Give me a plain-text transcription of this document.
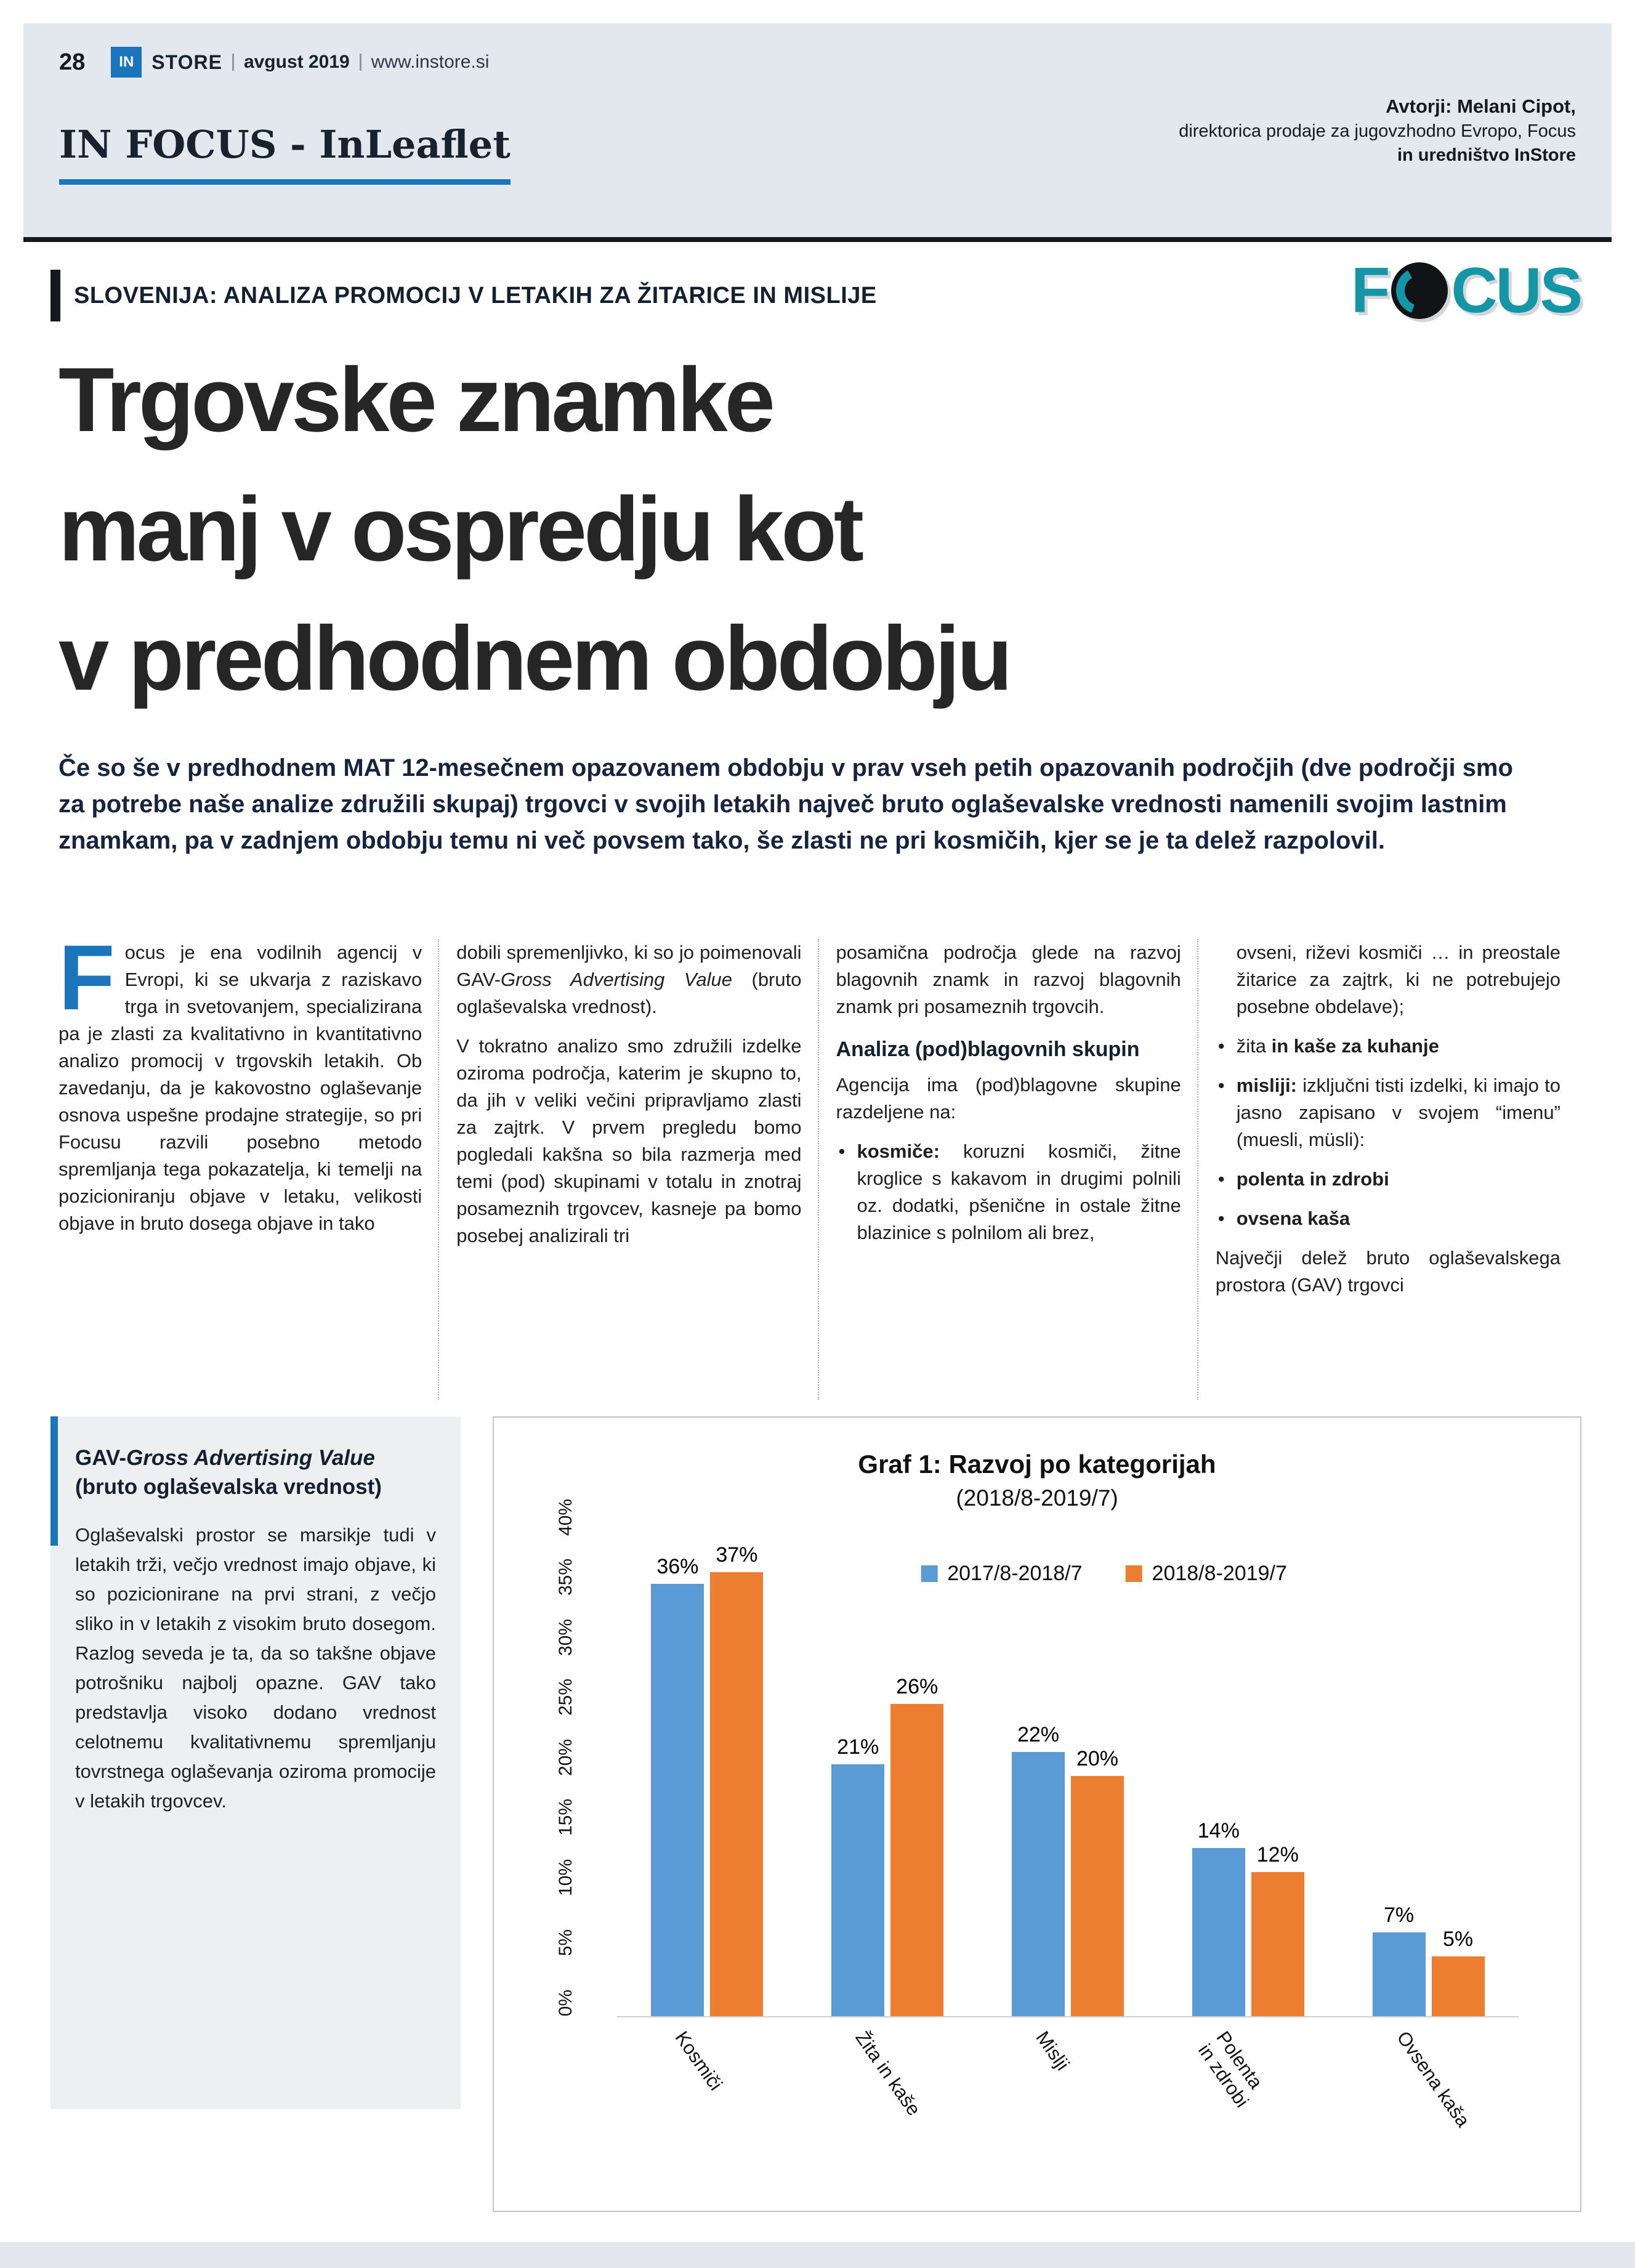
28	IN STORE avgust 2019 www.instore.si
IN FOCUS - InLeaflet
Avtorji: Melani Cipot,
direktorica prodaje za jugovzhodno Evropo, Focus
in uredništvo InStore
SLOVENIJA: ANALIZA PROMOCIJ V LETAKIH ZA ŽITARICE IN MISLIJE	F CUS
Trgovske znamke
manj v ospredju kot
v predhodnem obdobju

Če so še v predhodnem MAT 12-mesečnem opazovanem obdobju v prav vseh petih opazovanih področjih (dve področji smo za potrebe naše analize združili skupaj) trgovci v svojih letakih največ bruto oglaševalske vrednosti namenili svojim lastnim znamkam, pa v zadnjem obdobju temu ni več povsem tako, še zlasti ne pri kosmičih, kjer se je ta delež razpolovil.

Focus je ena vodilnih agencij v Evropi, ki se ukvarja z raziskavo trga in svetovanjem, specializirana pa je zlasti za kvalitativno in kvantitativno analizo promocij v trgovskih letakih. Ob zavedanju, da je kakovostno oglaševanje osnova uspešne prodajne strategije, so pri Focusu razvili posebno metodo spremljanja tega pokazatelja, ki temelji na pozicioniranju objave v letaku, velikosti objave in bruto dosega objave in tako

dobili spremenljivko, ki so jo poimenovali GAV-Gross Advertising Value (bruto oglaševalska vrednost).

V tokratno analizo smo združili izdelke oziroma področja, katerim je skupno to, da jih v veliki večini pripravljamo zlasti za zajtrk. V prvem pregledu bomo pogledali kakšna so bila razmerja med temi (pod) skupinami v totalu in znotraj posameznih trgovcev, kasneje pa bomo posebej analizirali tri

posamična področja glede na razvoj blagovnih znamk in razvoj blagovnih znamk pri posameznih trgovcih.

Analiza (pod)blagovnih skupin

Agencija ima (pod)blagovne skupine razdeljene na:

• kosmiče: koruzni kosmiči, žitne kroglice s kakavom in drugimi polnili oz. dodatki, pšenične in ostale žitne blazinice s polnilom ali brez,

ovseni, riževi kosmiči … in preostale žitarice za zajtrk, ki ne potrebujejo posebne obdelave);

• žita in kaše za kuhanje

• misliji: izključni tisti izdelki, ki imajo to jasno zapisano v svojem “imenu” (muesli, müsli):

• polenta in zdrobi

• ovsena kaša

Največji delež bruto oglaševalskega prostora (GAV) trgovci

GAV-Gross Advertising Value (bruto oglaševalska vrednost)

Oglaševalski prostor se marsikje tudi v letakih trži, večjo vrednost imajo objave, ki so pozicionirane na prvi strani, z večjo sliko in v letakih z visokim bruto dosegom. Razlog seveda je ta, da so takšne objave potrošniku najbolj opazne. GAV tako predstavlja visoko dodano vrednost celotnemu kvalitativnemu spremljanju tovrstnega oglaševanja oziroma promocije v letakih trgovcev.

Graf 1: Razvoj po kategorijah
(2018/8-2019/7)
2017/8-2018/7	2018/8-2019/7
36%
37%
21%
26%
22%
20%
14%
12%
7%
5%
Kosmiči	Žita in kaše	Mislji	Polenta
in zdrobi	Ovsena kaša
0%
5%
10%
15%
20%
25%
30%
35%
40%
